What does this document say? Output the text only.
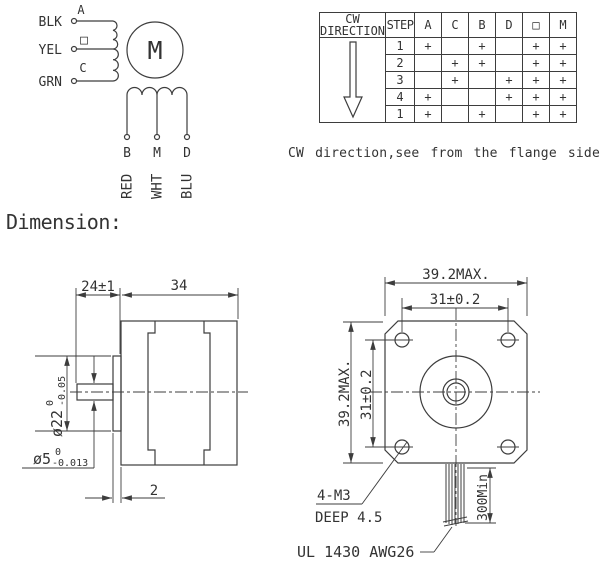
BLK
YEL
GRN
A
□
C
M
B M D
RED WHT BLU
CW
DIRECTION	STEP	A	C	B	D	□	M

	1	+		+		+	+
	2		+	+		+	+
	3		+		+	+	+
	4	+			+	+	+
	1	+		+		+	+
CW direction,see from the flange side
Dimension:
24±1	34
ø22
0 -0.05
ø5 0
-0.013
2
39.2MAX.
31±0.2
39.2MAX. 31±0.2
300Min
4-M3
DEEP 4.5
UL 1430 AWG26
